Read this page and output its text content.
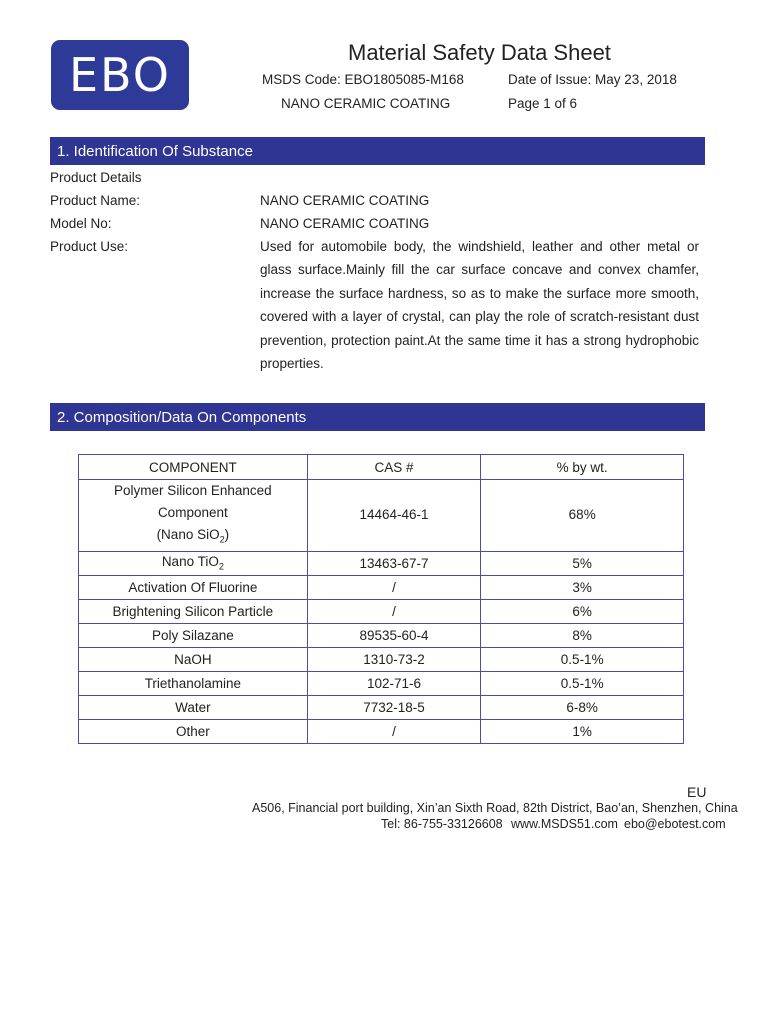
EBO	Material Safety Data Sheet
MSDS Code: EBO1805085-M168	Date of Issue: May 23, 2018
NANO CERAMIC COATING	Page 1 of 6
1. Identification Of Substance
Product Details
Product Name:	NANO CERAMIC COATING
Model No:	NANO CERAMIC COATING
Product Use:	Used for automobile body, the windshield, leather and other metal or glass surface.Mainly fill the car surface concave and convex chamfer, increase the surface hardness, so as to make the surface more smooth, covered with a layer of crystal, can play the role of scratch-resistant dust prevention, protection paint.At the same time it has a strong hydrophobic properties.

2. Composition/Data On Components
COMPONENT	CAS #	% by wt.
Polymer Silicon Enhanced Component
(Nano SiO$_2$)	14464-46-1	68%
Nano TiO$_2$	13463-67-7	5%
Activation Of Fluorine	/	3%
Brightening Silicon Particle	/	6%
Poly Silazane	89535-60-4	8%
NaOH	1310-73-2	0.5-1%
Triethanolamine	102-71-6	0.5-1%
Water	7732-18-5	6-8%
Other	/	1%
EU
A506, Financial port building, Xin’an Sixth Road, 82th District, Bao’an, Shenzhen, China
Tel: 86-755-33126608 www.MSDS51.com ebo@ebotest.com
